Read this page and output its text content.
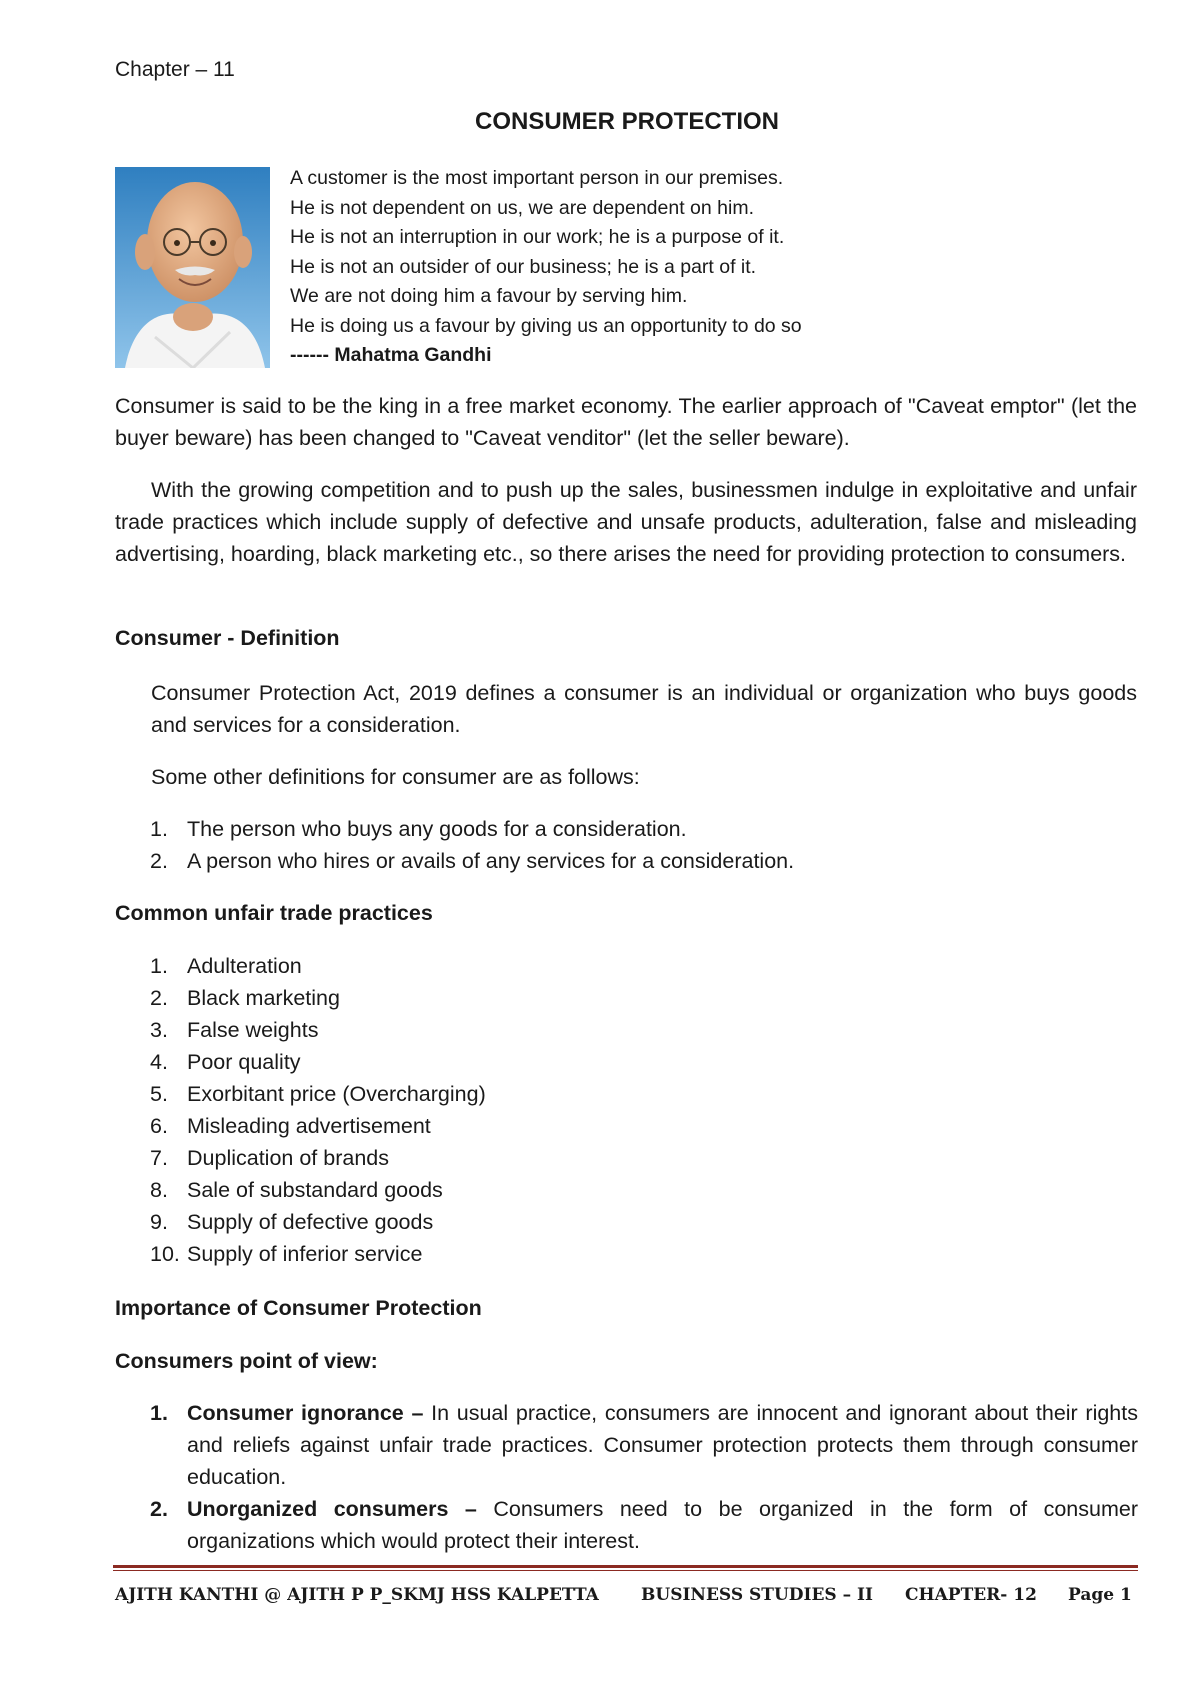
Chapter – 11
CONSUMER PROTECTION
A customer is the most important person in our premises.
He is not dependent on us, we are dependent on him.
He is not an interruption in our work; he is a purpose of it.
He is not an outsider of our business; he is a part of it.
We are not doing him a favour by serving him.
He is doing us a favour by giving us an opportunity to do so
------ Mahatma Gandhi
Consumer is said to be the king in a free market economy. The earlier approach of "Caveat emptor" (let the buyer beware) has been changed to "Caveat venditor" (let the seller beware).
With the growing competition and to push up the sales, businessmen indulge in exploitative and unfair trade practices which include supply of defective and unsafe products, adulteration, false and misleading advertising, hoarding, black marketing etc., so there arises the need for providing protection to consumers.
Consumer - Definition
Consumer Protection Act, 2019 defines a consumer is an individual or organization who buys goods and services for a consideration.
Some other definitions for consumer are as follows:
1. The person who buys any goods for a consideration.
2. A person who hires or avails of any services for a consideration.
Common unfair trade practices
1. Adulteration
2. Black marketing
3. False weights
4. Poor quality
5. Exorbitant price (Overcharging)
6. Misleading advertisement
7. Duplication of brands
8. Sale of substandard goods
9. Supply of defective goods
10. Supply of inferior service
Importance of Consumer Protection
Consumers point of view:
1. Consumer ignorance – In usual practice, consumers are innocent and ignorant about their rights and reliefs against unfair trade practices. Consumer protection protects them through consumer education.
2. Unorganized consumers – Consumers need to be organized in the form of consumer organizations which would protect their interest.
AJITH KANTHI @ AJITH P P_SKMJ HSS KALPETTA BUSINESS STUDIES – II CHAPTER- 12 Page 1
